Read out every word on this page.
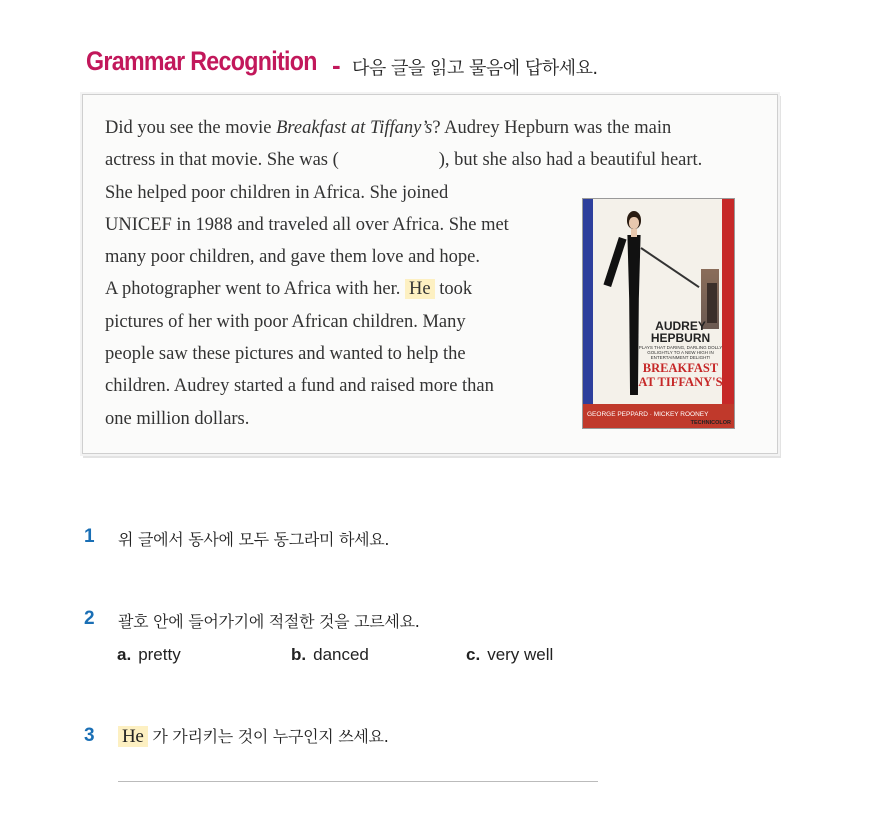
Grammar Recognition - 다음 글을 읽고 물음에 답하세요.
Did you see the movie Breakfast at Tiffany’s? Audrey Hepburn was the main
actress in that movie. She was (	), but she also had a beautiful heart.
She helped poor children in Africa. She joined
UNICEF in 1988 and traveled all over Africa. She met
many poor children, and gave them love and hope.
A photographer went to Africa with her. He took
pictures of her with poor African children. Many
people saw these pictures and wanted to help the
children. Audrey started a fund and raised more than
one million dollars.
AUDREY
HEPBURN
PLAYS THAT DARING, DARLING DOLLY GOLIGHTLY TO A NEW HIGH IN ENTERTAINMENT DELIGHT!
BREAKFAST
AT TIFFANY'S
GEORGE PEPPARD · MICKEY ROONEY
TECHNICOLOR
1 위 글에서 동사에 모두 동그라미 하세요.
2 괄호 안에 들어가기에 적절한 것을 고르세요.
a. pretty	b. danced	c. very well
3 He 가 가리키는 것이 누구인지 쓰세요.
